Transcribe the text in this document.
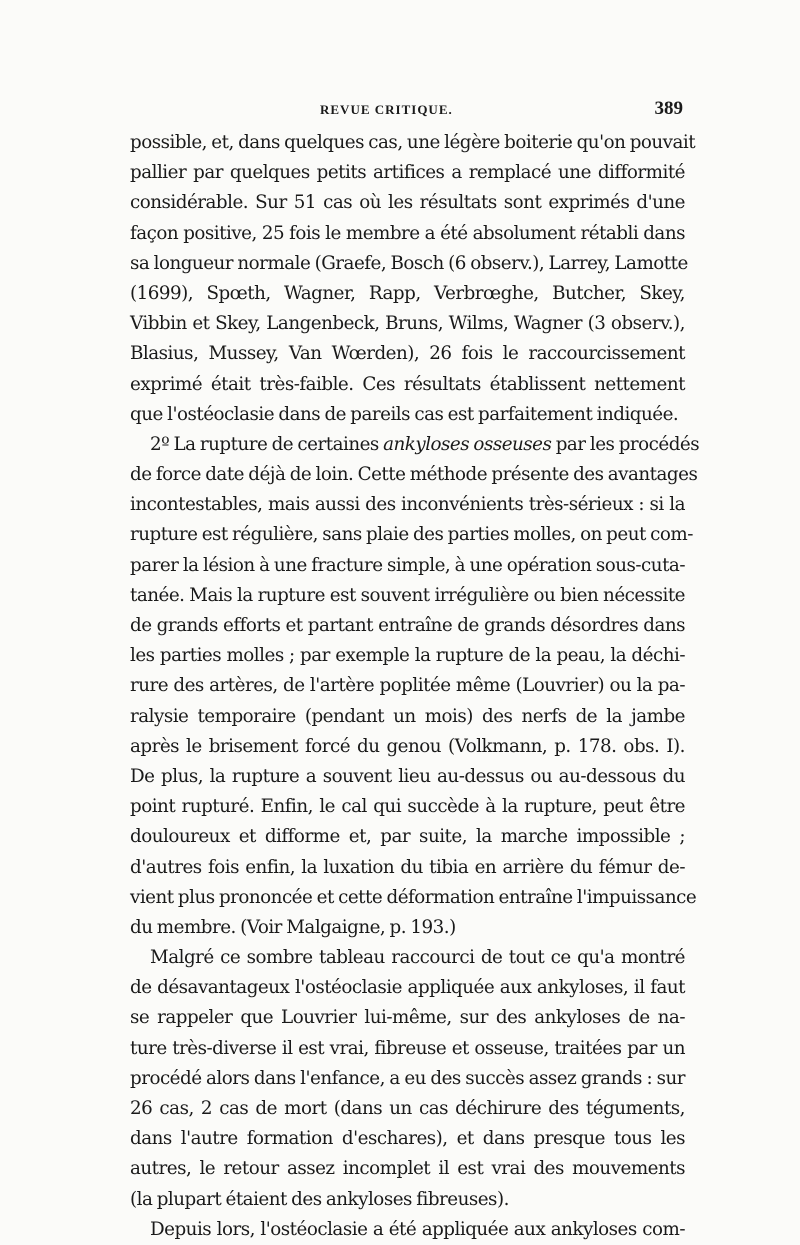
REVUE CRITIQUE.	389
possible, et, dans quelques cas, une légère boiterie qu'on pouvait
pallier par quelques petits artifices a remplacé une difformité
considérable. Sur 51 cas où les résultats sont exprimés d'une
façon positive, 25 fois le membre a été absolument rétabli dans
sa longueur normale (Graefe, Bosch (6 observ.), Larrey, Lamotte
(1699), Spœth, Wagner, Rapp, Verbrœghe, Butcher, Skey,
Vibbin et Skey, Langenbeck, Bruns, Wilms, Wagner (3 observ.),
Blasius, Mussey, Van Wœrden), 26 fois le raccourcissement
exprimé était très-faible. Ces résultats établissent nettement
que l'ostéoclasie dans de pareils cas est parfaitement indiquée.
2º La rupture de certaines ankyloses osseuses par les procédés
de force date déjà de loin. Cette méthode présente des avantages
incontestables, mais aussi des inconvénients très-sérieux : si la
rupture est régulière, sans plaie des parties molles, on peut com-
parer la lésion à une fracture simple, à une opération sous-cuta-
tanée. Mais la rupture est souvent irrégulière ou bien nécessite
de grands efforts et partant entraîne de grands désordres dans
les parties molles ; par exemple la rupture de la peau, la déchi-
rure des artères, de l'artère poplitée même (Louvrier) ou la pa-
ralysie temporaire (pendant un mois) des nerfs de la jambe
après le brisement forcé du genou (Volkmann, p. 178. obs. I).
De plus, la rupture a souvent lieu au-dessus ou au-dessous du
point rupturé. Enfin, le cal qui succède à la rupture, peut être
douloureux et difforme et, par suite, la marche impossible ;
d'autres fois enfin, la luxation du tibia en arrière du fémur de-
vient plus prononcée et cette déformation entraîne l'impuissance
du membre. (Voir Malgaigne, p. 193.)
Malgré ce sombre tableau raccourci de tout ce qu'a montré
de désavantageux l'ostéoclasie appliquée aux ankyloses, il faut
se rappeler que Louvrier lui-même, sur des ankyloses de na-
ture très-diverse il est vrai, fibreuse et osseuse, traitées par un
procédé alors dans l'enfance, a eu des succès assez grands : sur
26 cas, 2 cas de mort (dans un cas déchirure des téguments,
dans l'autre formation d'eschares), et dans presque tous les
autres, le retour assez incomplet il est vrai des mouvements
(la plupart étaient des ankyloses fibreuses).
Depuis lors, l'ostéoclasie a été appliquée aux ankyloses com-
